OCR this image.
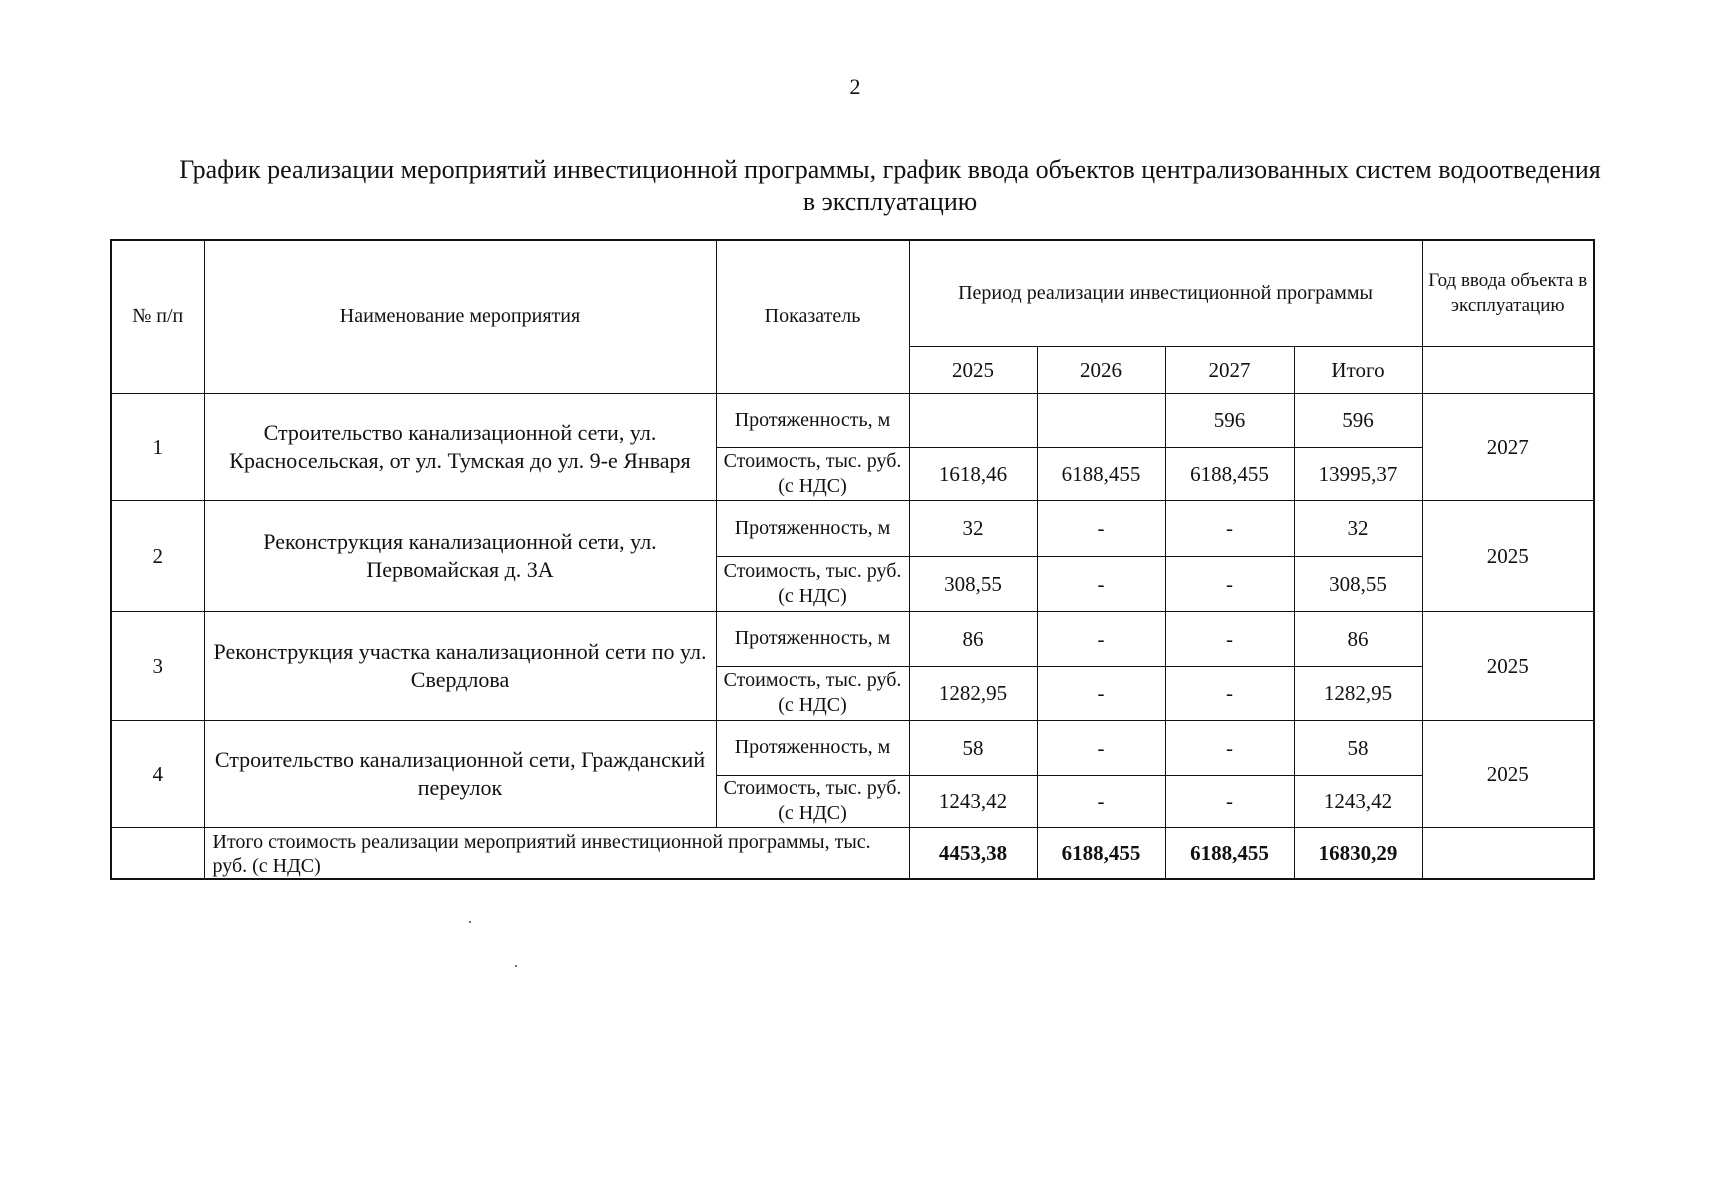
2
График реализации мероприятий инвестиционной программы, график ввода объектов централизованных систем водоотведения в эксплуатацию
№ п/п	Наименование мероприятия	Показатель	Период реализации инвестиционной программы				Год ввода объекта в эксплуатацию
			2025	2026	2027	Итого	
1	Строительство канализационной сети, ул. Красносельская, от ул. Тумская до ул. 9-е Января	Протяженность, м			596	596	2027
		Стоимость, тыс. руб. (с НДС)	1618,46	6188,455	6188,455	13995,37	
2	Реконструкция канализационной сети, ул. Первомайская д. 3А	Протяженность, м	32	-	-	32	2025
		Стоимость, тыс. руб. (с НДС)	308,55	-	-	308,55	
3	Реконструкция участка канализационной сети по ул. Свердлова	Протяженность, м	86	-	-	86	2025
		Стоимость, тыс. руб. (с НДС)	1282,95	-	-	1282,95	
4	Строительство канализационной сети, Гражданский переулок	Протяженность, м	58	-	-	58	2025
		Стоимость, тыс. руб. (с НДС)	1243,42	-	-	1243,42	
	Итого стоимость реализации мероприятий инвестиционной программы, тыс. руб. (с НДС)		4453,38	6188,455	6188,455	16830,29	
